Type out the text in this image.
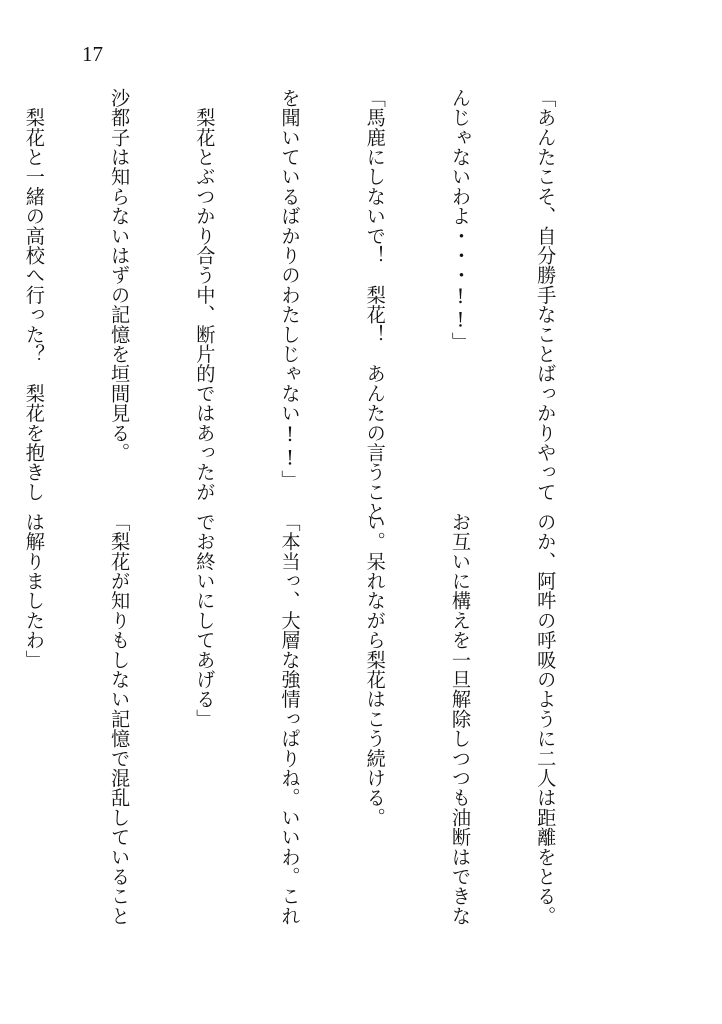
17

「あんたこそ、自分勝手なことばっかりやって

んじゃないわよ・・・!!」

「馬鹿にしないで！　梨花！　あんたの言うこと

を聞いているばかりのわたしじゃない!!」

　梨花とぶつかり合う中、断片的ではあったが

沙都子は知らないはずの記憶を垣間見る。

　梨花と一緒の高校へ行った？　梨花を抱きし

のか、阿吽の呼吸のように二人は距離をとる。

お互いに構えを一旦解除しつつも油断はできな

い。呆れながら梨花はこう続ける。

「本当っ、大層な強情っぱりね。いいわ。これ

でお終いにしてあげる」

「梨花が知りもしない記憶で混乱していること

は解りましたわ」
